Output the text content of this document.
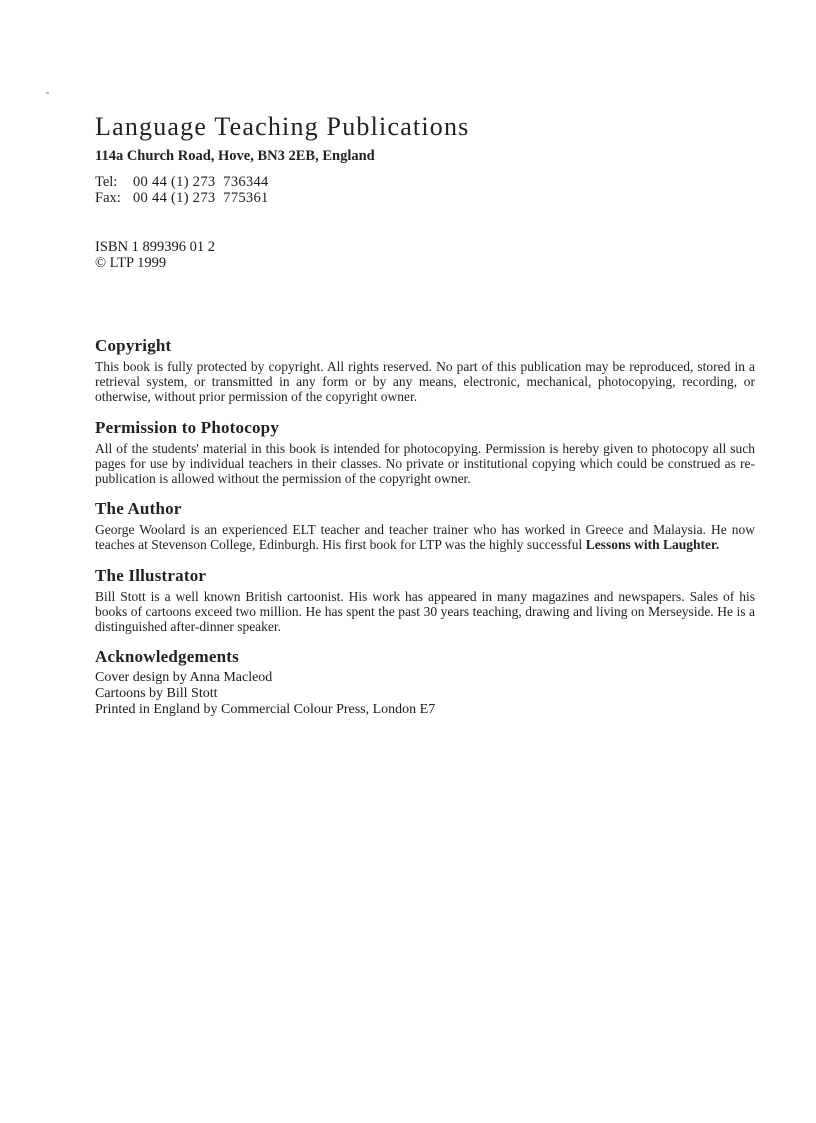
Language Teaching Publications
114a Church Road, Hove, BN3 2EB, England
Tel: 00 44 (1) 273  736344
Fax: 00 44 (1) 273  775361
ISBN 1 899396 01 2
© LTP 1999
Copyright

This book is fully protected by copyright. All rights reserved. No part of this publication may be reproduced, stored in a retrieval system, or transmitted in any form or by any means, electronic, mechanical, photocopying, recording, or otherwise, without prior permission of the copyright owner.

Permission to Photocopy

All of the students' material in this book is intended for photocopying. Permission is hereby given to photocopy all such pages for use by individual teachers in their classes. No private or institutional copying which could be construed as re-publication is allowed without the permission of the copyright owner.

The Author

George Woolard is an experienced ELT teacher and teacher trainer who has worked in Greece and Malaysia. He now teaches at Stevenson College, Edinburgh. His first book for LTP was the highly successful Lessons with Laughter.

The Illustrator

Bill Stott is a well known British cartoonist. His work has appeared in many magazines and newspapers. Sales of his books of cartoons exceed two million. He has spent the past 30 years teaching, drawing and living on Merseyside. He is a distinguished after-dinner speaker.

Acknowledgements

Cover design by Anna Macleod

Cartoons by Bill Stott

Printed in England by Commercial Colour Press, London E7
